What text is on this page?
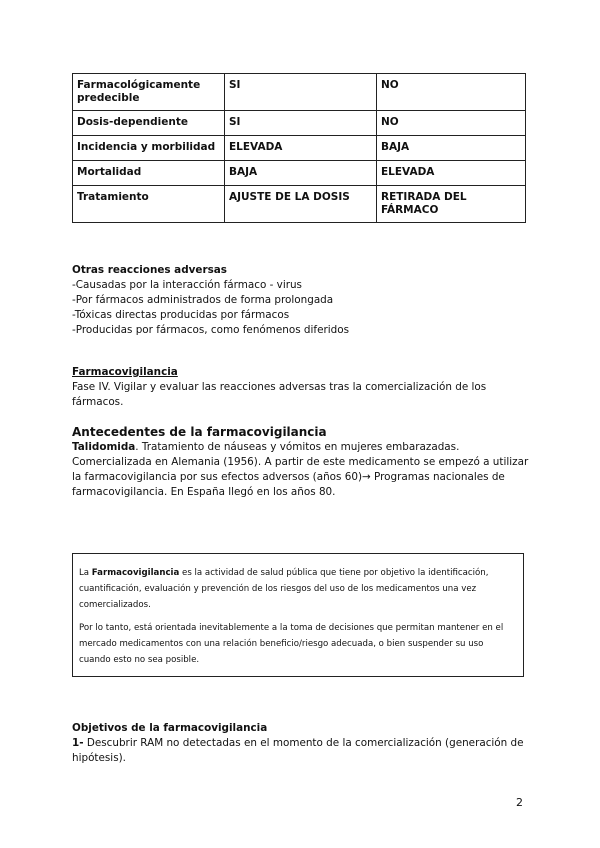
Farmacológicamente predecible	SI	NO
Dosis-dependiente	SI	NO
Incidencia y morbilidad	ELEVADA	BAJA
Mortalidad	BAJA	ELEVADA
Tratamiento	AJUSTE DE LA DOSIS	RETIRADA DEL FÁRMACO

Otras reacciones adversas

-Causadas por la interacción fármaco - virus

-Por fármacos administrados de forma prolongada

-Tóxicas directas producidas por fármacos

-Producidas por fármacos, como fenómenos diferidos

Farmacovigilancia

Fase IV. Vigilar y evaluar las reacciones adversas tras la comercialización de los fármacos.

Antecedentes de la farmacovigilancia

Talidomida. Tratamiento de náuseas y vómitos en mujeres embarazadas. Comercializada en Alemania (1956). A partir de este medicamento se empezó a utilizar la farmacovigilancia por sus efectos adversos (años 60)→ Programas nacionales de farmacovigilancia. En España llegó en los años 80.

La Farmacovigilancia es la actividad de salud pública que tiene por objetivo la identificación, cuantificación, evaluación y prevención de los riesgos del uso de los medicamentos una vez comercializados.

Por lo tanto, está orientada inevitablemente a la toma de decisiones que permitan mantener en el mercado medicamentos con una relación beneficio/riesgo adecuada, o bien suspender su uso cuando esto no sea posible.

Objetivos de la farmacovigilancia

1- Descubrir RAM no detectadas en el momento de la comercialización (generación de hipótesis).

2
